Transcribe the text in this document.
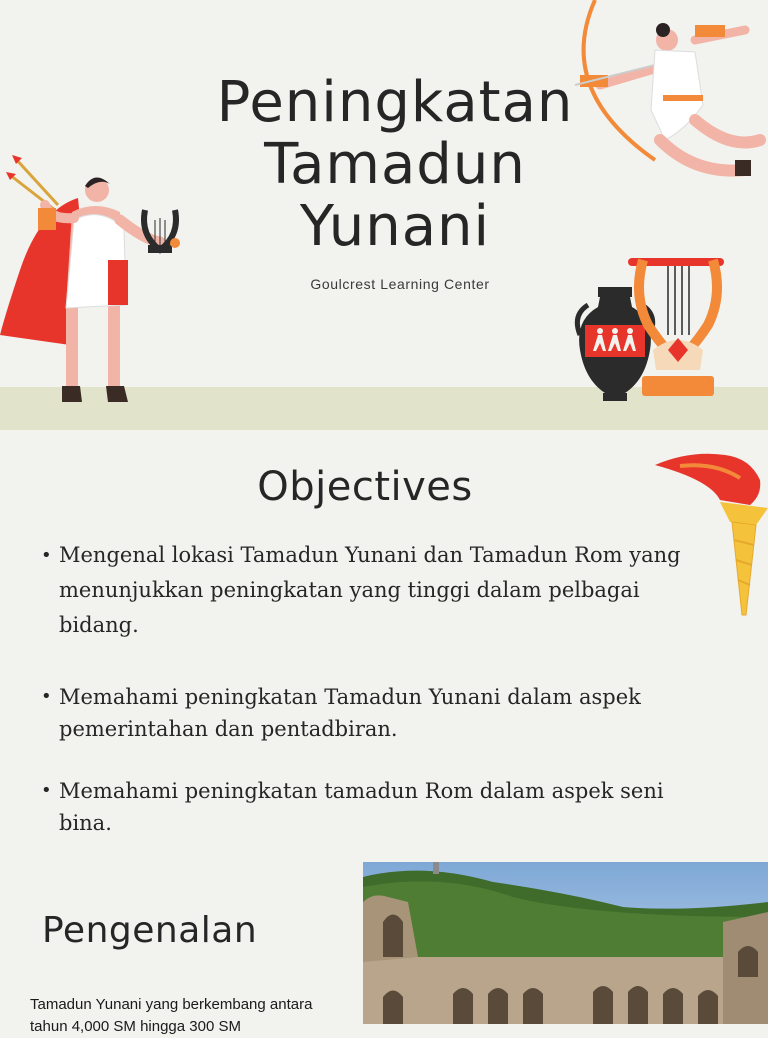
Peningkatan
Tamadun
Yunani
Goulcrest Learning Center
Objectives
• Mengenal lokasi Tamadun Yunani dan Tamadun Rom yang menunjukkan peningkatan yang tinggi dalam pelbagai bidang.
• Memahami peningkatan Tamadun Yunani dalam aspek pemerintahan dan pentadbiran.
• Memahami peningkatan tamadun Rom dalam aspek seni bina.
Pengenalan
Tamadun Yunani yang berkembang antara tahun 4,000 SM hingga 300 SM
